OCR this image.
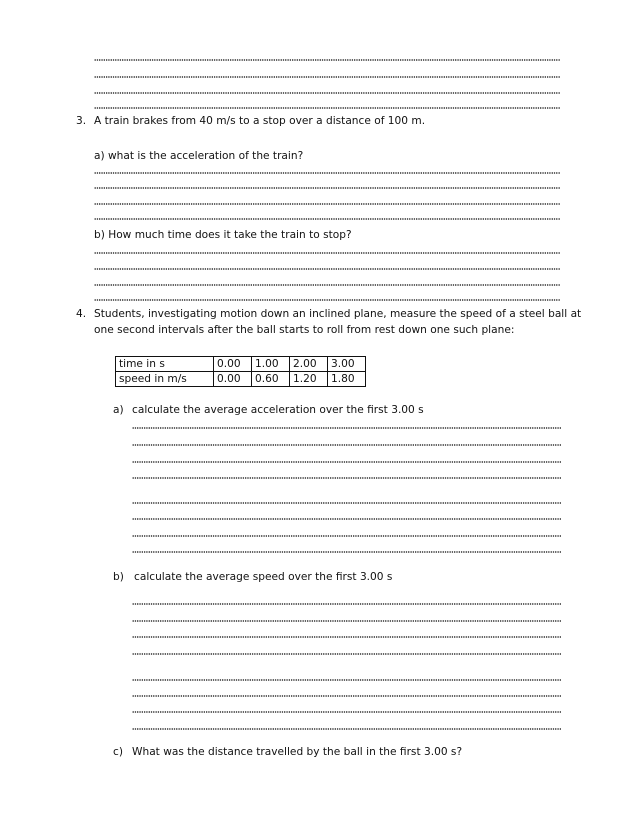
3. A train brakes from 40 m/s to a stop over a distance of 100 m.
a) what is the acceleration of the train?
b) How much time does it take the train to stop?
4. Students, investigating motion down an inclined plane, measure the speed of a steel ball at
one second intervals after the ball starts to roll from rest down one such plane:
time in s	0.00	1.00	2.00	3.00
speed in m/s	0.00	0.60	1.20	1.80
a) calculate the average acceleration over the first 3.00 s
b) calculate the average speed over the first 3.00 s
c) What was the distance travelled by the ball in the first 3.00 s?
